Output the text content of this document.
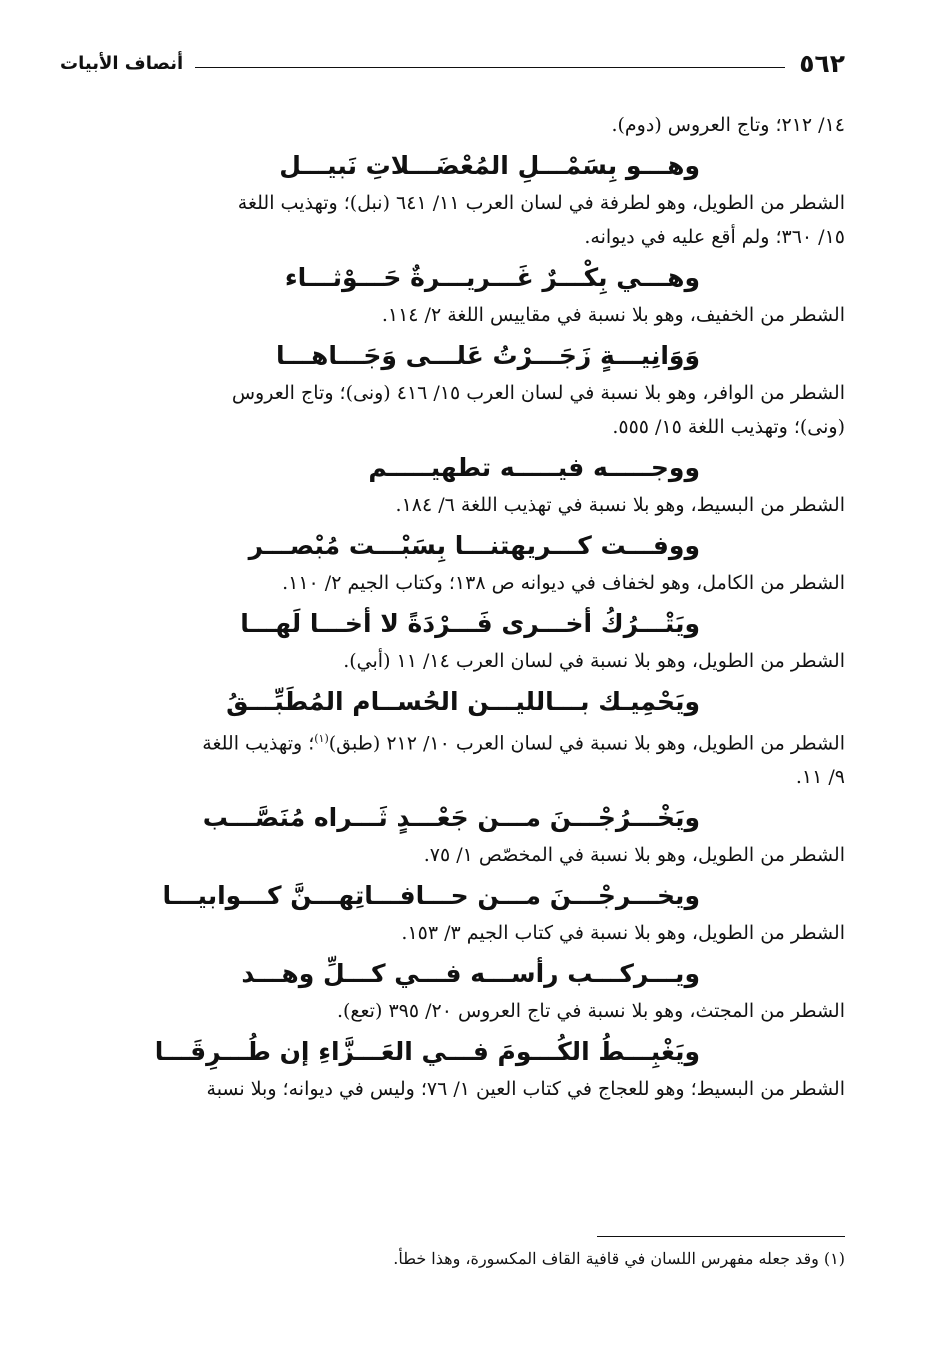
٥٦٢
أنصاف الأبيات
١٤/ ٢١٢؛ وتاج العروس (دوم).
وهـــو بِسَمْـــلِ المُعْضَـــلاتِ نَبيـــل
الشطر من الطويل، وهو لطرفة في لسان العرب ١١/ ٦٤١ (نبل)؛ وتهذيب اللغة
١٥/ ٣٦٠؛ ولم أقع عليه في ديوانه.
وهـــي بِكْـــرٌ غَـــريـــرةٌ حَـــوْثـــاء
الشطر من الخفيف، وهو بلا نسبة في مقاييس اللغة ٢/ ١١٤.
وَوَانِيـــةٍ زَجَـــرْتُ عَلـــى وَجَـــاهـــا
الشطر من الوافر، وهو بلا نسبة في لسان العرب ١٥/ ٤١٦ (ونى)؛ وتاج العروس
(ونى)؛ وتهذيب اللغة ١٥/ ٥٥٥.
ووجـــــه فيـــــه تطهيـــــم
الشطر من البسيط، وهو بلا نسبة في تهذيب اللغة ٦/ ١٨٤.
ووفـــت كـــريهتنـــا بِسَبْـــت مُبْصـــر
الشطر من الكامل، وهو لخفاف في ديوانه ص ١٣٨؛ وكتاب الجيم ٢/ ١١٠.
ويَتْـــرُكُ أخـــرى فَـــرْدَةً لا أخـــا لَهـــا
الشطر من الطويل، وهو بلا نسبة في لسان العرب ١٤/ ١١ (أبي).
ويَحْمِيـك بـــالليـــن الحُســام المُطَبِّـــقُ
الشطر من الطويل، وهو بلا نسبة في لسان العرب ١٠/ ٢١٢ (طبق)$^{(١)}$؛ وتهذيب اللغة
٩/ ١١.
ويَخْـــرُجْـــنَ مـــن جَعْـــدٍ ثَـــراه مُنَصَّـــب
الشطر من الطويل، وهو بلا نسبة في المخصّص ١/ ٧٥.
ويخـــرجْـــنَ مـــن حـــافـــاتِهـــنَّ كـــوابيـــا
الشطر من الطويل، وهو بلا نسبة في كتاب الجيم ٣/ ١٥٣.
ويـــركـــب رأســـه فـــي كـــلِّ وهـــد
الشطر من المجتث، وهو بلا نسبة في تاج العروس ٢٠/ ٣٩٥ (تعع).
ويَغْبِـــطُ الكُـــومَ فـــي العَـــزَّاءِ إن طُـــرِقَـــا
الشطر من البسيط؛ وهو للعجاج في كتاب العين ١/ ٧٦؛ وليس في ديوانه؛ وبلا نسبة
(١) وقد جعله مفهرس اللسان في قافية القاف المكسورة، وهذا خطأ.
